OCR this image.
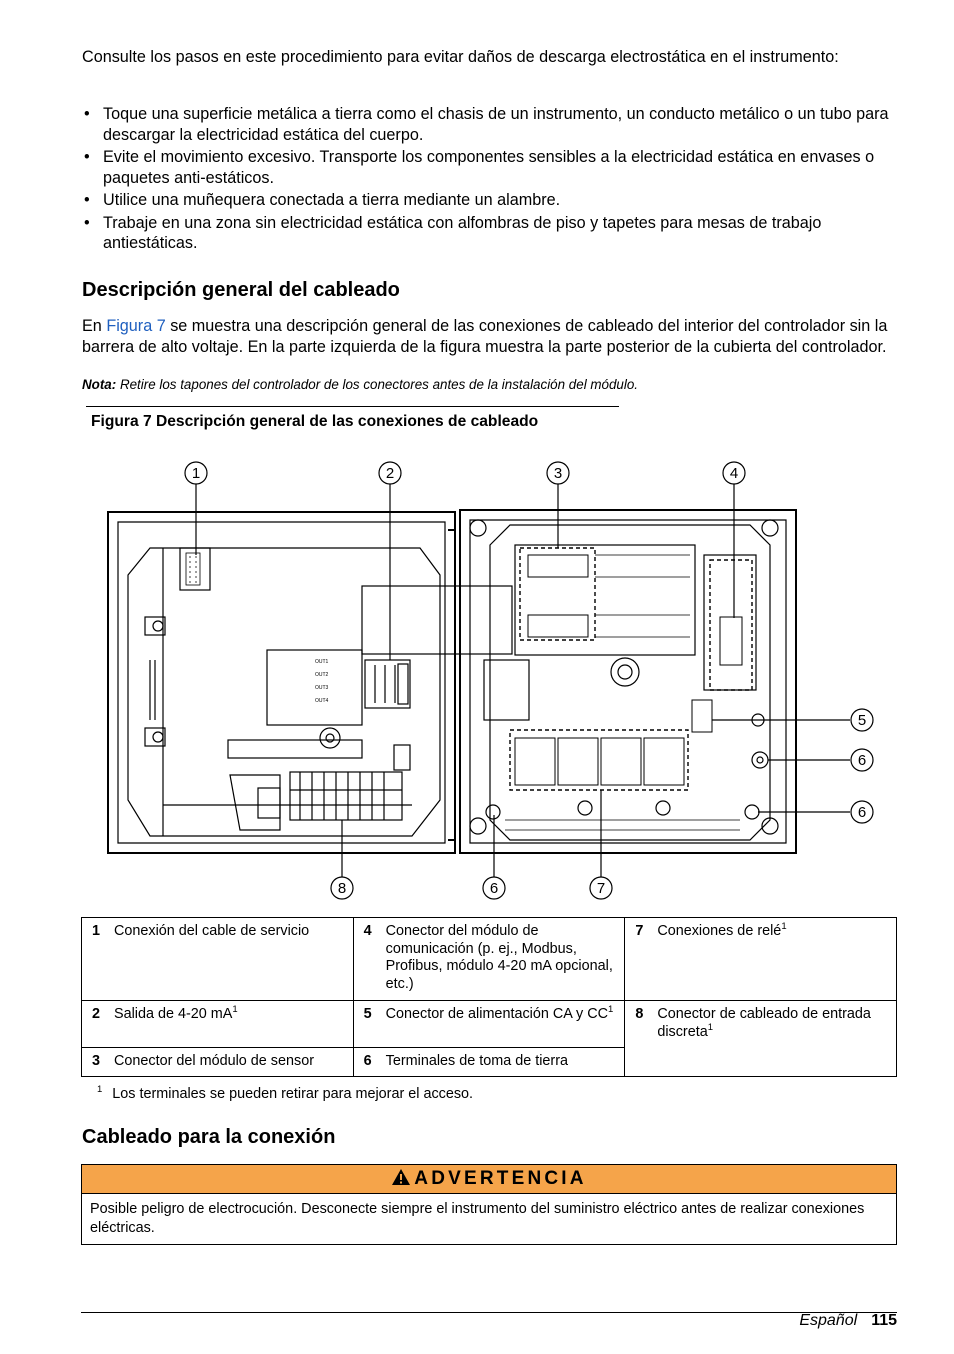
Consulte los pasos en este procedimiento para evitar daños de descarga electrostática en el instrumento:
• Toque una superficie metálica a tierra como el chasis de un instrumento, un conducto metálico o un tubo para descargar la electricidad estática del cuerpo.
• Evite el movimiento excesivo. Transporte los componentes sensibles a la electricidad estática en envases o paquetes anti-estáticos.
• Utilice una muñequera conectada a tierra mediante un alambre.
• Trabaje en una zona sin electricidad estática con alfombras de piso y tapetes para mesas de trabajo antiestáticas.
Descripción general del cableado
En Figura 7 se muestra una descripción general de las conexiones de cableado del interior del controlador sin la barrera de alto voltaje. En la parte izquierda de la figura muestra la parte posterior de la cubierta del controlador.
Nota: Retire los tapones del controlador de los conectores antes de la instalación del módulo.
Figura 7 Descripción general de las conexiones de cableado
OUT1
OUT2
OUT3
OUT4
1	2	3	4
5
6
6
8	6	7
1 Conexión del cable de servicio	4 Conector del módulo de comunicación (p. ej., Modbus, Profibus, módulo 4-20 mA opcional, etc.)	7 Conexiones de relé$^1$
2 Salida de 4-20 $mA^1$	5 Conector de alimentación CA y $CC^1$	8 Conector de cableado de entrada discreta$^1$
3 Conector del módulo de sensor	6 Terminales de toma de tierra	
$^1$ Los terminales se pueden retirar para mejorar el acceso.
Cableado para la conexión
ADVERTENCIA
Posible peligro de electrocución. Desconecte siempre el instrumento del suministro eléctrico antes de realizar conexiones eléctricas.
Español 115
